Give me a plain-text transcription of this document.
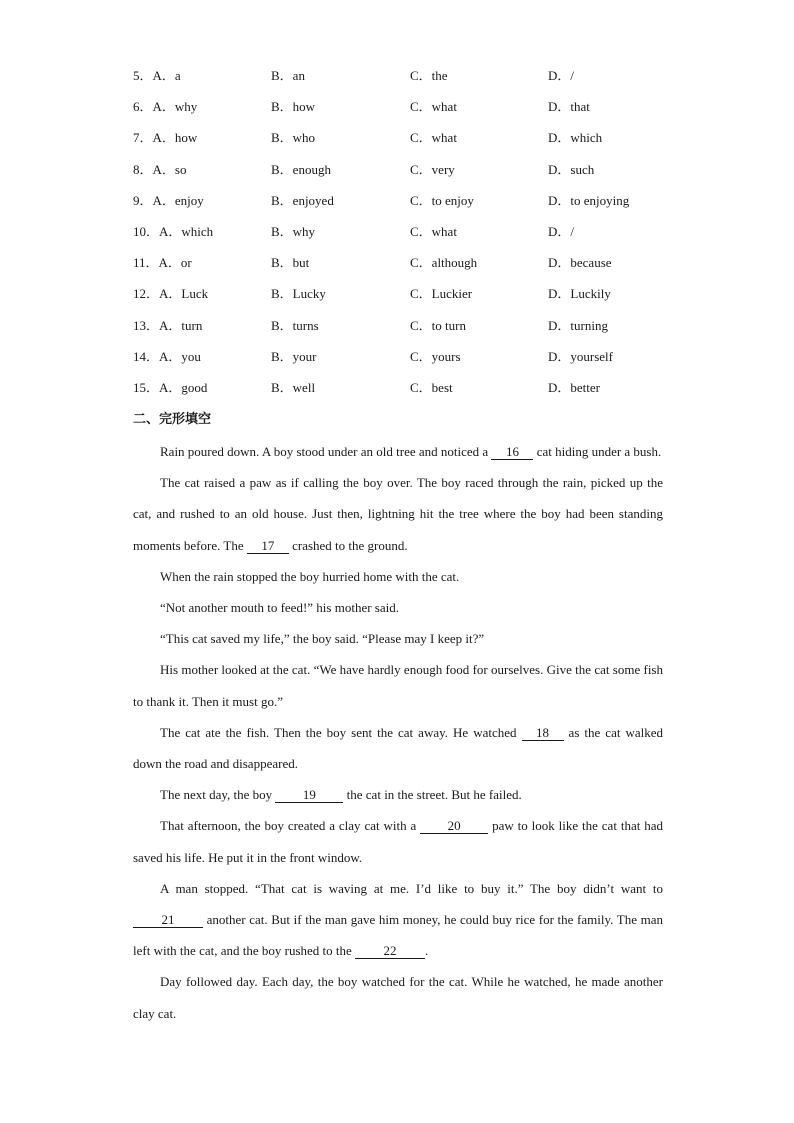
5．A．a	B．an	C．the	D．/
6．A．why	B．how	C．what	D．that
7．A．how	B．who	C．what	D．which
8．A．so	B．enough	C．very	D．such
9．A．enjoy	B．enjoyed	C．to enjoy	D．to enjoying
10．A．which	B．why	C．what	D．/
11．A．or	B．but	C．although	D．because
12．A．Luck	B．Lucky	C．Luckier	D．Luckily
13．A．turn	B．turns	C．to turn	D．turning
14．A．you	B．your	C．yours	D．yourself
15．A．good	B．well	C．best	D．better
二、完形填空

Rain poured down. A boy stood under an old tree and noticed a 16 cat hiding under a bush.

The cat raised a paw as if calling the boy over. The boy raced through the rain, picked up the cat, and rushed to an old house. Just then, lightning hit the tree where the boy had been standing moments before. The 17 crashed to the ground.

When the rain stopped the boy hurried home with the cat.

“Not another mouth to feed!” his mother said.

“This cat saved my life,” the boy said. “Please may I keep it?”

His mother looked at the cat. “We have hardly enough food for ourselves. Give the cat some fish to thank it. Then it must go.”

The cat ate the fish. Then the boy sent the cat away. He watched 18 as the cat walked down the road and disappeared.

The next day, the boy 19 the cat in the street. But he failed.

That afternoon, the boy created a clay cat with a 20 paw to look like the cat that had saved his life. He put it in the front window.

A man stopped. “That cat is waving at me. I’d like to buy it.” The boy didn’t want to 21 another cat. But if the man gave him money, he could buy rice for the family. The man left with the cat, and the boy rushed to the 22 .

Day followed day. Each day, the boy watched for the cat. While he watched, he made another clay cat.
